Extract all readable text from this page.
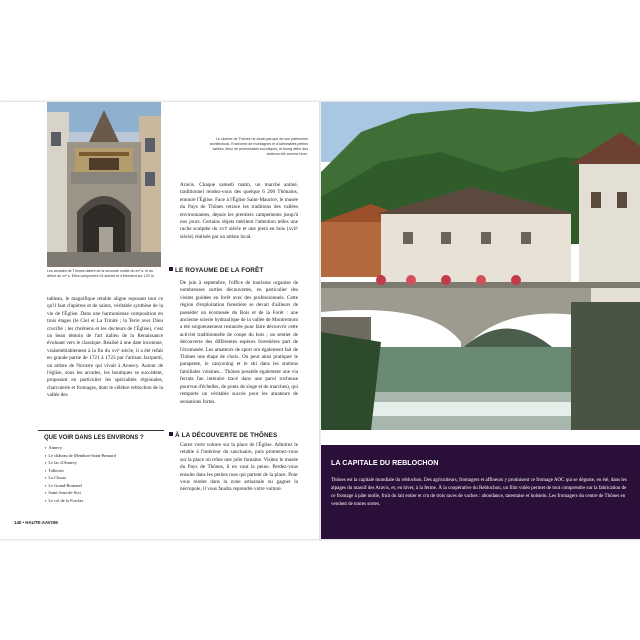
Les arcades de Thônes datent de la seconde moitié du xvᵉ s. et du début du xvᵉ s. Elles comportent 24 arches et s'étendent sur 120 m.
Le clocher de Thônes ne visait pas que de son patrimoine architectural. Environné de montagnes et d'admirables petites vallées, lieux de promenades bucoliques, le bourg attire des visiteurs été comme hiver.

tableau, le magnifique retable aligne reposant tout ce qu'il faut d'apôtres et de saints, véritable synthèse de la vie de l'Église. Dans une harmonieuse composition en trois étages (le Ciel et La Trinité ; la Terre avec Dieu crucifié ; les chrétiens et les docteurs de l'Église), c'est un beau témoin de l'art italien de la Renaissance évoluant vers le classique. Réalisé à une date inconnue, vraisemblablement à la fin du xviᵉ siècle, il a été refait en grande partie de 1721 à 1723 par l'artisan Jacquetti, un artiste de Novarre qui vivait à Annecy. Autour de l'église, sous les arcades, les boutiques se succèdent, proposant en particulier les spécialités régionales, charcuterie et fromages, dont le célèbre reblochon de la vallée des

Aravis. Chaque samedi matin, un marché animé, traditionnel rendez-vous des quelque 6 200 Thônains, entoure l'Église. Face à l'Église Saint-Maurice, le musée du Pays de Thônes retrace les traditions des vallées environnantes, depuis les premiers campements jusqu'à nos jours. Certains objets méritent l'attention telles une ruche sculptée du xviᵉ siècle et une pietà en bois (xviiᵉ siècle) réalisée par un artiste local.

LE ROYAUME DE LA FORÊT

De juin à septembre, l'office de tourisme organise de nombreuses sorties découvertes, en particulier des visites guidées en forêt avec des professionnels. Cette région d'exploitation forestière se devait d'ailleurs de posséder un écomusée du Bois et de la Forêt : une ancienne scierie hydraulique de la vallée de Montremont a été soigneusement restaurée pour faire découvrir cette activité traditionnelle de coupe du bois ; un sentier de découverte des différentes espèces forestières part de l'écomusée. Les amateurs de sport ont également fait de Thônes une étape de choix. On peut ainsi pratiquer le parapente, le canyoning et le ski dans les stations familiales voisines... Thônes possède également une via ferrata fan intéraire tracé dans une paroi rocheuse pourvue d'échelles, de ponts de singe et de marches), qui remporte un véritable succès pour les amateurs de sensations fortes.

À LA DÉCOUVERTE DE THÔNES

Garez votre voiture sur la place de l'Église. Admirez le retable à l'intérieur du sanctuaire, puis promenez-vous sur la place où trône une jolie fontaine. Visitez le musée du Pays de Thônes, il en vaut la peine. Perdez-vous ensuite dans les petites rues qui partent de la place. Pour vous rendre dans la zone artisanale ou gagner la nécropole, il vous faudra reprendre votre voiture.

QUE VOIR DANS LES ENVIRONS ?
▪ Annecy
▪ Le château de Menthon-Saint-Bernard
▪ Le lac d'Annecy
▪ Talloires
▪ La Clusaz
▪ Le Grand-Bornand
▪ Saint-Jean-de-Sixt
▪ Le col de la Forclaz
140 • HAUTE-SAVOIE
LA CAPITALE DU REBLOCHON

Thônes est la capitale mondiale du reblochon. Des agriculteurs, fromagers et affineurs y produisent ce fromage AOC qui se déguste, en été, dans les alpages du massif des Aravis, et, en hiver, à la ferme. À la coopérative du Reblochon, un film vidéo permet de tout comprendre sur la fabrication de ce fromage à pâte molle, fruit du lait entier et cru de trois races de vaches : abondance, tarentaise et holstein. Les fromagers du centre de Thônes en vendent de toutes sortes.
